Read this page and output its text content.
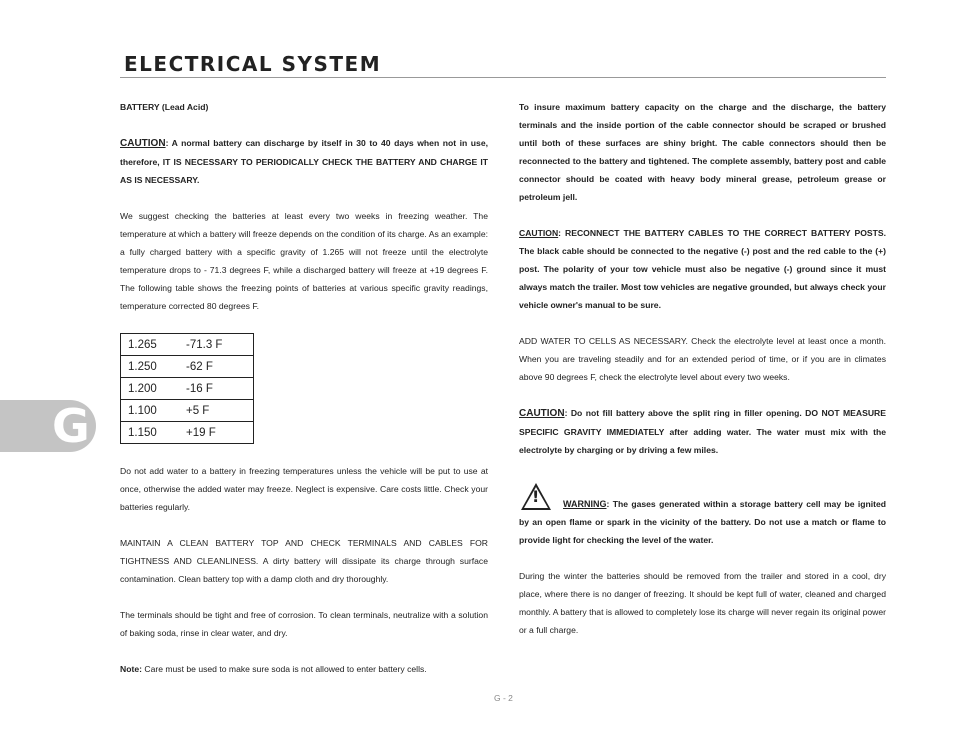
ELECTRICAL SYSTEM
G

BATTERY (Lead Acid)

CAUTION: A normal battery can discharge by itself in 30 to 40 days when not in use, therefore, IT IS NECESSARY TO PERIODICALLY CHECK THE BATTERY AND CHARGE IT AS IS NECESSARY.

We suggest checking the batteries at least every two weeks in freezing weather. The temperature at which a battery will freeze depends on the condition of its charge. As an example: a fully charged battery with a specific gravity of 1.265 will not freeze until the electrolyte temperature drops to - 71.3 degrees F, while a discharged battery will freeze at +19 degrees F. The following table shows the freezing points of batteries at various specific gravity readings, temperature corrected 80 degrees F.

1.265	-71.3 F
1.250	-62 F
1.200	-16 F
1.100	+5 F
1.150	+19 F

Do not add water to a battery in freezing temperatures unless the vehicle will be put to use at once, otherwise the added water may freeze. Neglect is expensive. Care costs little. Check your batteries regularly.

MAINTAIN A CLEAN BATTERY TOP AND CHECK TERMINALS AND CABLES FOR TIGHTNESS AND CLEANLINESS. A dirty battery will dissipate its charge through surface contamination. Clean battery top with a damp cloth and dry thoroughly.

The terminals should be tight and free of corrosion. To clean terminals, neutralize with a solution of baking soda, rinse in clear water, and dry.

Note: Care must be used to make sure soda is not allowed to enter battery cells.

To insure maximum battery capacity on the charge and the discharge, the battery terminals and the inside portion of the cable connector should be scraped or brushed until both of these surfaces are shiny bright. The cable connectors should then be reconnected to the battery and tightened. The complete assembly, battery post and cable connector should be coated with heavy body mineral grease, petroleum grease or petroleum jell.

CAUTION: RECONNECT THE BATTERY CABLES TO THE CORRECT BATTERY POSTS. The black cable should be connected to the negative (-) post and the red cable to the (+) post. The polarity of your tow vehicle must also be negative (-) ground since it must always match the trailer. Most tow vehicles are negative grounded, but always check your vehicle owner's manual to be sure.

ADD WATER TO CELLS AS NECESSARY. Check the electrolyte level at least once a month. When you are traveling steadily and for an extended period of time, or if you are in climates above 90 degrees F, check the electrolyte level about every two weeks.

CAUTION: Do not fill battery above the split ring in filler opening. DO NOT MEASURE SPECIFIC GRAVITY IMMEDIATELY after adding water. The water must mix with the electrolyte by charging or by driving a few miles.

!	WARNING: The gases generated within a storage battery cell may be ignited by an open flame or spark in the vicinity of the battery. Do not use a match or flame to provide light for checking the level of the water.

During the winter the batteries should be removed from the trailer and stored in a cool, dry place, where there is no danger of freezing. It should be kept full of water, cleaned and charged monthly. A battery that is allowed to completely lose its charge will never regain its original power or a full charge.

G - 2
